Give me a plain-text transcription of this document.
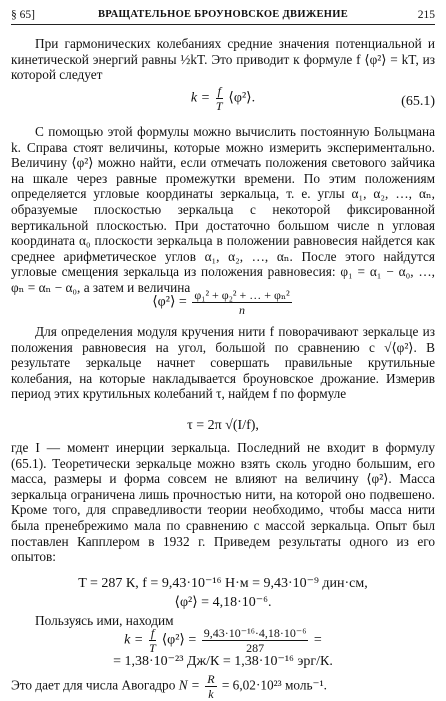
§ 65]	ВРАЩАТЕЛЬНОЕ БРОУНОВСКОЕ ДВИЖЕНИЕ	215
При гармонических колебаниях средние значения потенциальной и кинетической энергий равны ½kT. Это приводит к формуле f ⟨φ²⟩ = kT, из которой следует
$k = \frac{f}{T}$ ⟨φ²⟩.	(65.1)
С помощью этой формулы можно вычислить постоянную Больцмана k. Справа стоят величины, которые можно измерить экспериментально. Величину ⟨φ²⟩ можно найти, если отмечать положения светового зайчика на шкале через равные промежутки времени. По этим положениям определяется угловые координаты зеркальца, т. е. углы α₁, α₂, …, αₙ, образуемые плоскостью зеркальца с некоторой фиксированной вертикальной плоскостью. При достаточно большом числе n угловая координата α₀ плоскости зеркальца в положении равновесия найдется как среднее арифметическое углов α₁, α₂, …, αₙ. После этого найдутся угловые смещения зеркальца из положения равновесия: φ₁ = α₁ − α₀, …, φₙ = αₙ − α₀, а затем и величина
⟨φ²⟩ = $\frac{\text{φ₁² + φ₂² + … + φₙ²}}{n}$
Для определения модуля кручения нити f поворачивают зеркальце из положения равновесия на угол, большой по сравнению с √⟨φ²⟩. В результате зеркальце начнет совершать правильные крутильные колебания, на которые накладывается броуновское дрожание. Измерив период этих крутильных колебаний τ, найдем f по формуле
τ = 2π √(I/f),
где I — момент инерции зеркальца. Последний не входит в формулу (65.1). Теоретически зеркальце можно взять сколь угодно большим, его масса, размеры и форма совсем не влияют на величину ⟨φ²⟩. Масса зеркальца ограничена лишь прочностью нити, на которой оно подвешено. Кроме того, для справедливости теории необходимо, чтобы масса нити была пренебрежимо мала по сравнению с массой зеркальца. Опыт был поставлен Капплером в 1932 г. Приведем результаты одного из его опытов:
T = 287 К, f = 9,43·10⁻¹⁶ Н·м = 9,43·10⁻⁹ дин·см,
⟨φ²⟩ = 4,18·10⁻⁶.
Пользуясь ими, находим
$k = \frac{f}{T}$ ⟨φ²⟩ = $\frac{\text{9,43·10⁻¹⁶·4,18·10⁻⁶}}{287}$ =
= 1,38·10⁻²³ Дж/К = 1,38·10⁻¹⁶ эрг/К.
Это дает для числа Авогадро $N = \frac{R}{k} = 6,02\cdot 10^{23}$ моль⁻¹.
